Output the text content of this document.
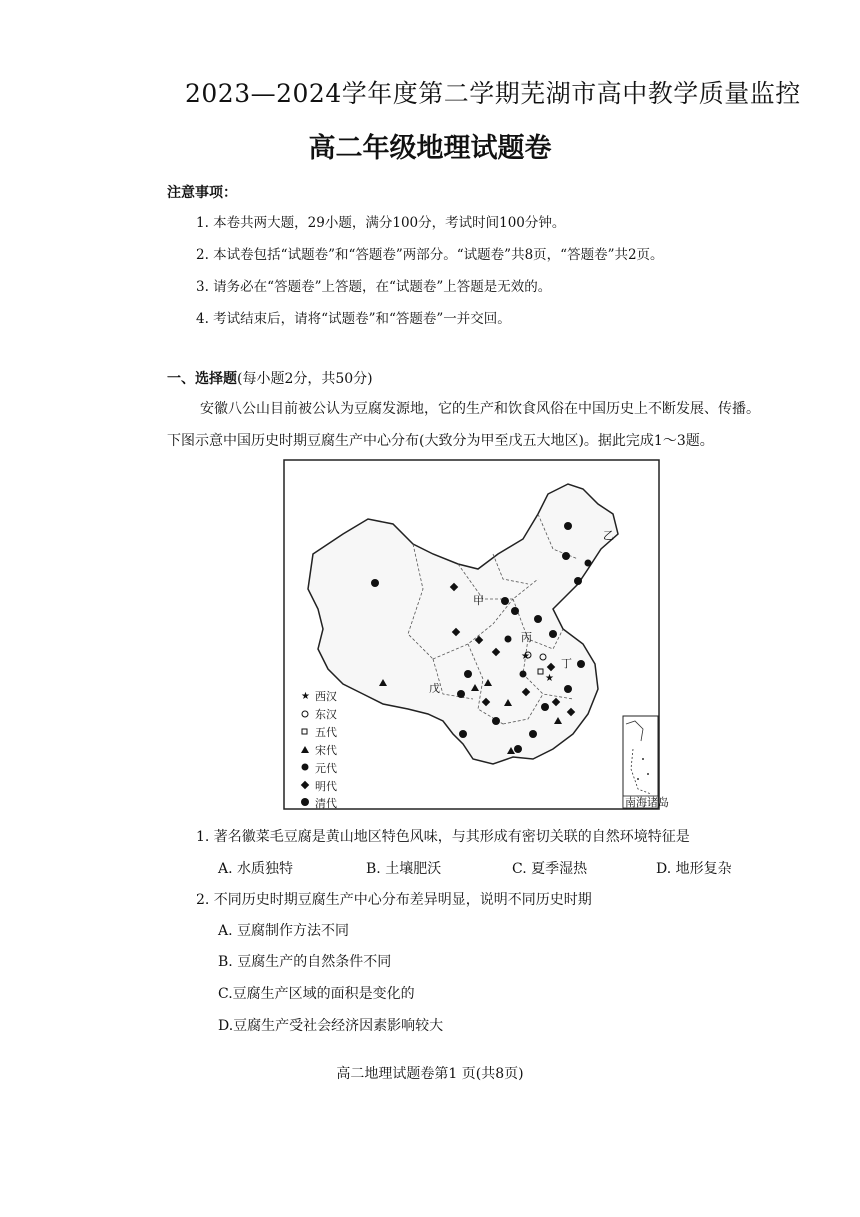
2023—2024学年度第二学期芜湖市高中教学质量监控
高二年级地理试题卷
注意事项：
1. 本卷共两大题，29小题，满分100分，考试时间100分钟。
2. 本试卷包括“试题卷”和“答题卷”两部分。“试题卷”共8页，“答题卷”共2页。
3. 请务必在“答题卷”上答题，在“试题卷”上答题是无效的。
4. 考试结束后，请将“试题卷”和“答题卷”一并交回。
一、选择题(每小题2分，共50分)
安徽八公山目前被公认为豆腐发源地，它的生产和饮食风俗在中国历史上不断发展、传播。
下图示意中国历史时期豆腐生产中心分布(大致分为甲至戊五大地区)。据此完成1～3题。
甲
乙
丙
丁
戊
★
★
★ 西汉
东汉
五代
宋代
元代
明代
清代	南海诸岛
1. 著名徽菜毛豆腐是黄山地区特色风味，与其形成有密切关联的自然环境特征是
A. 水质独特	B. 土壤肥沃	C. 夏季湿热	D. 地形复杂
2. 不同历史时期豆腐生产中心分布差异明显，说明不同历史时期
A. 豆腐制作方法不同
B. 豆腐生产的自然条件不同
C.豆腐生产区域的面积是变化的
D.豆腐生产受社会经济因素影响较大
高二地理试题卷第1 页(共8页)
